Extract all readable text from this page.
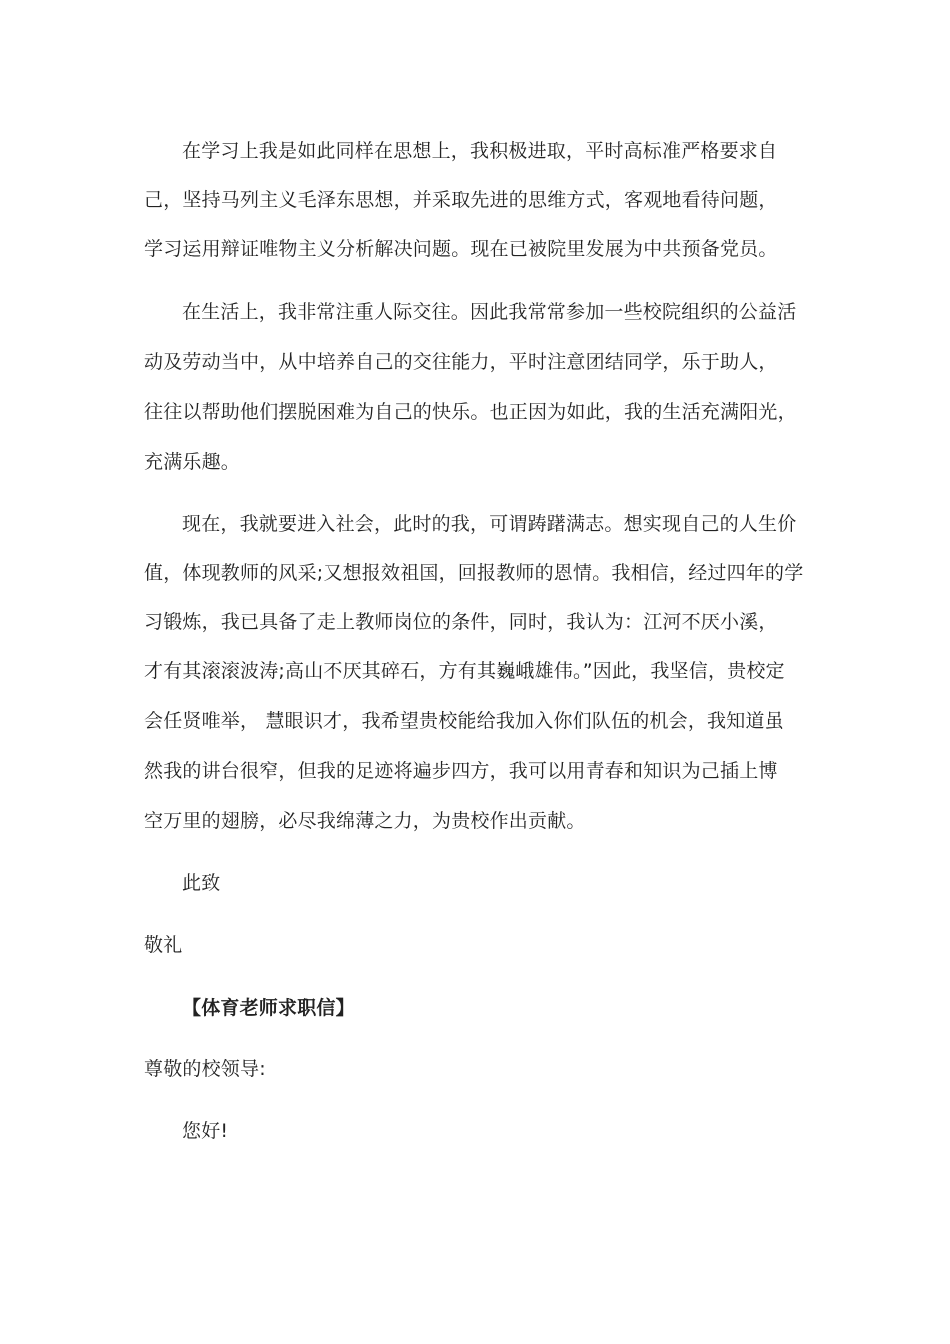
在学习上我是如此同样在思想上，我积极进取，平时高标准严格要求自
己，坚持马列主义毛泽东思想，并采取先进的思维方式，客观地看待问题，
学习运用辩证唯物主义分析解决问题。现在已被院里发展为中共预备党员。
在生活上，我非常注重人际交往。因此我常常参加一些校院组织的公益活
动及劳动当中，从中培养自己的交往能力，平时注意团结同学，乐于助人，
往往以帮助他们摆脱困难为自己的快乐。也正因为如此，我的生活充满阳光，
充满乐趣。
现在，我就要进入社会，此时的我，可谓踌躇满志。想实现自己的人生价
值，体现教师的风采;又想报效祖国，回报教师的恩情。我相信，经过四年的学
习锻炼，我已具备了走上教师岗位的条件，同时，我认为：江河不厌小溪，
才有其滚滚波涛;高山不厌其碎石，方有其巍峨雄伟。”因此，我坚信，贵校定
会任贤唯举， 慧眼识才，我希望贵校能给我加入你们队伍的机会，我知道虽
然我的讲台很窄，但我的足迹将遍步四方，我可以用青春和知识为己插上博
空万里的翅膀，必尽我绵薄之力，为贵校作出贡献。
此致
敬礼
【体育老师求职信】
尊敬的校领导:
您好!
